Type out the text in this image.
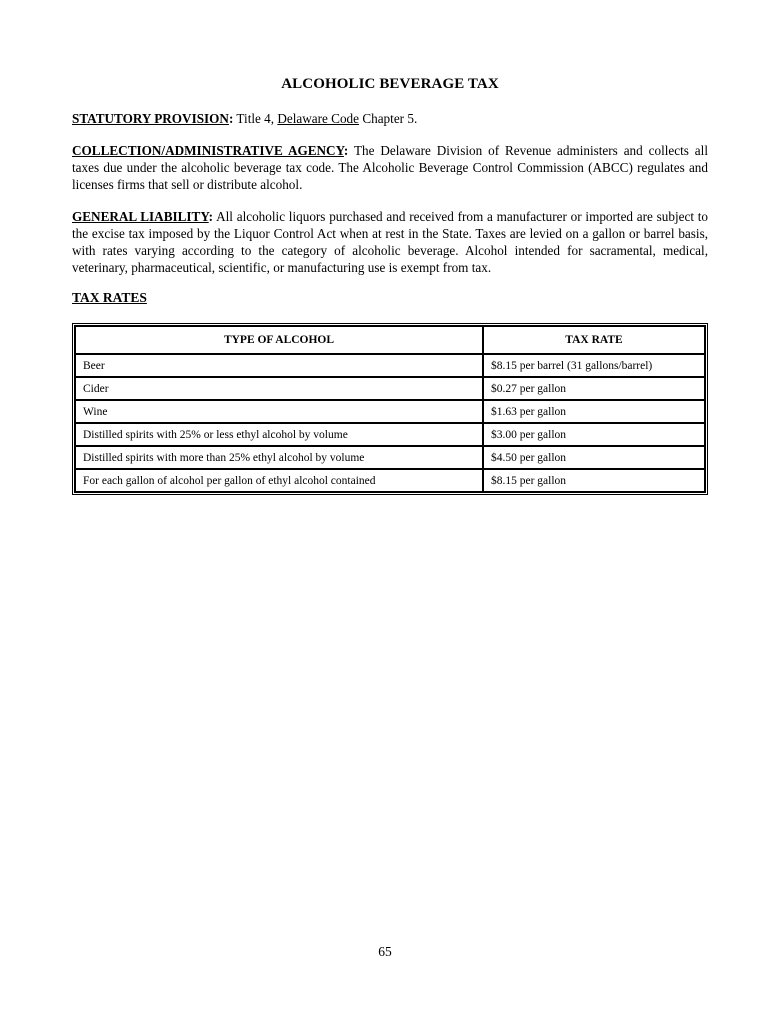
ALCOHOLIC BEVERAGE TAX

STATUTORY PROVISION: Title 4, Delaware Code Chapter 5.

COLLECTION/ADMINISTRATIVE AGENCY: The Delaware Division of Revenue administers and collects all taxes due under the alcoholic beverage tax code. The Alcoholic Beverage Control Commission (ABCC) regulates and licenses firms that sell or distribute alcohol.

GENERAL LIABILITY: All alcoholic liquors purchased and received from a manufacturer or imported are subject to the excise tax imposed by the Liquor Control Act when at rest in the State. Taxes are levied on a gallon or barrel basis, with rates varying according to the category of alcoholic beverage. Alcohol intended for sacramental, medical, veterinary, pharmaceutical, scientific, or manufacturing use is exempt from tax.

TAX RATES
TYPE OF ALCOHOL	TAX RATE
Beer	$8.15 per barrel (31 gallons/barrel)
Cider	$0.27 per gallon
Wine	$1.63 per gallon
Distilled spirits with 25% or less ethyl alcohol by volume	$3.00 per gallon
Distilled spirits with more than 25% ethyl alcohol by volume	$4.50 per gallon
For each gallon of alcohol per gallon of ethyl alcohol contained	$8.15 per gallon
65
